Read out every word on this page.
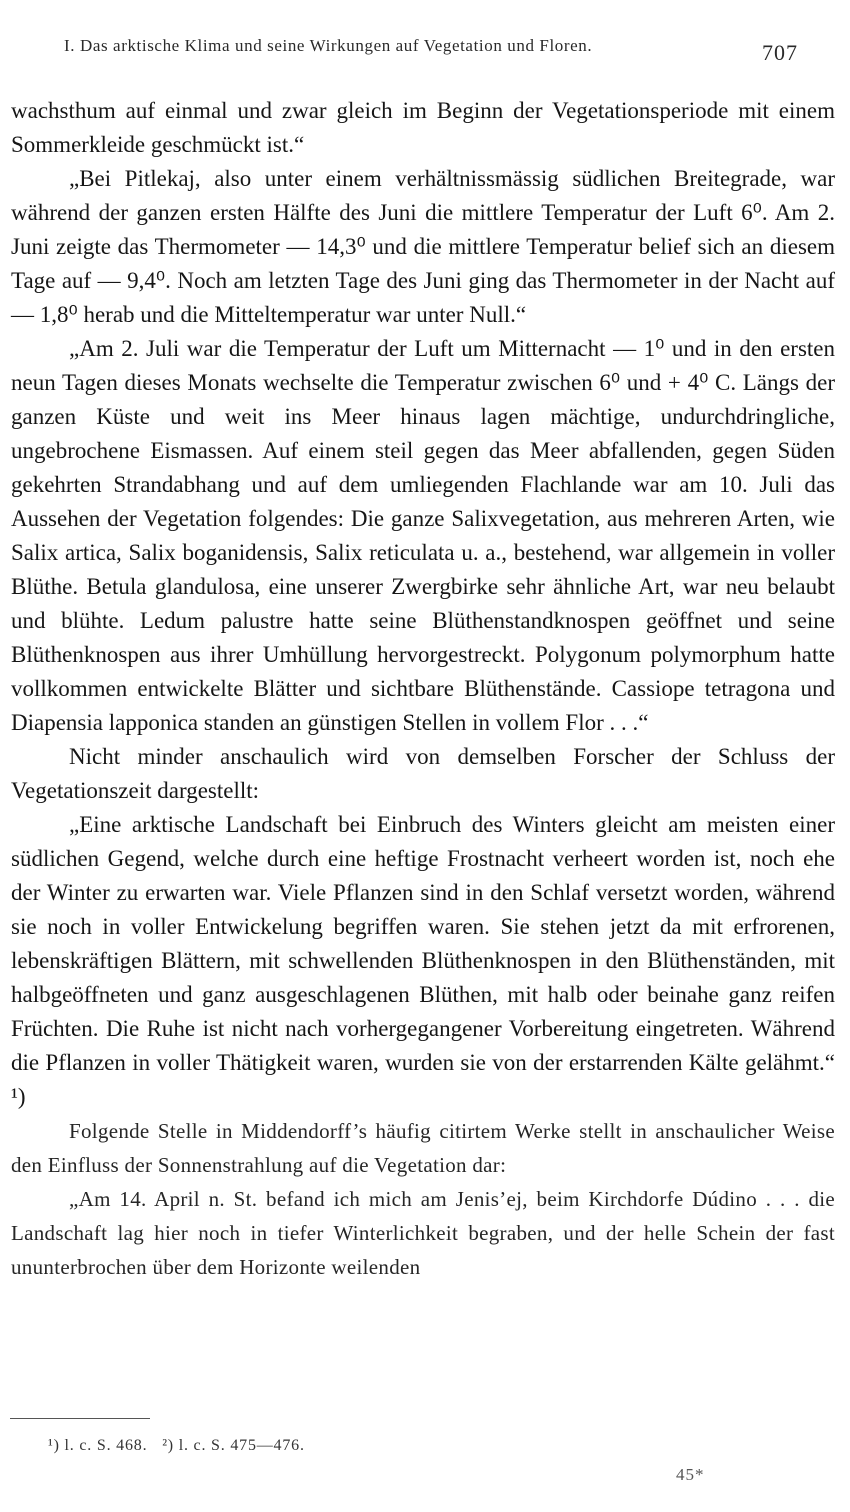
I. Das arktische Klima und seine Wirkungen auf Vegetation und Floren.	707

wachsthum auf einmal und zwar gleich im Beginn der Vegetationsperiode mit einem Sommerkleide geschmückt ist.“

„Bei Pitlekaj, also unter einem verhältnissmässig südlichen Breitegrade, war während der ganzen ersten Hälfte des Juni die mittlere Temperatur der Luft 6⁰. Am 2. Juni zeigte das Thermometer — 14,3⁰ und die mittlere Temperatur belief sich an diesem Tage auf — 9,4⁰. Noch am letzten Tage des Juni ging das Thermometer in der Nacht auf — 1,8⁰ herab und die Mitteltemperatur war unter Null.“

„Am 2. Juli war die Temperatur der Luft um Mitternacht — 1⁰ und in den ersten neun Tagen dieses Monats wechselte die Temperatur zwischen 6⁰ und + 4⁰ C. Längs der ganzen Küste und weit ins Meer hinaus lagen mächtige, undurchdringliche, ungebrochene Eismassen. Auf einem steil gegen das Meer abfallenden, gegen Süden gekehrten Strandabhang und auf dem umliegenden Flachlande war am 10. Juli das Aussehen der Vegetation folgendes: Die ganze Salixvegetation, aus mehreren Arten, wie Salix artica, Salix boganidensis, Salix reticulata u. a., bestehend, war allgemein in voller Blüthe. Betula glandulosa, eine unserer Zwergbirke sehr ähnliche Art, war neu belaubt und blühte. Ledum palustre hatte seine Blüthenstandknospen geöffnet und seine Blüthenknospen aus ihrer Umhüllung hervorgestreckt. Polygonum polymorphum hatte vollkommen entwickelte Blätter und sichtbare Blüthenstände. Cassiope tetragona und Diapensia lapponica standen an günstigen Stellen in vollem Flor . . .“

Nicht minder anschaulich wird von demselben Forscher der Schluss der Vegetationszeit dargestellt:

„Eine arktische Landschaft bei Einbruch des Winters gleicht am meisten einer südlichen Gegend, welche durch eine heftige Frostnacht verheert worden ist, noch ehe der Winter zu erwarten war. Viele Pflanzen sind in den Schlaf versetzt worden, während sie noch in voller Entwickelung begriffen waren. Sie stehen jetzt da mit erfrorenen, lebenskräftigen Blättern, mit schwellenden Blüthenknospen in den Blüthenständen, mit halbgeöffneten und ganz ausgeschlagenen Blüthen, mit halb oder beinahe ganz reifen Früchten. Die Ruhe ist nicht nach vorhergegangener Vorbereitung eingetreten. Während die Pflanzen in voller Thätigkeit waren, wurden sie von der erstarrenden Kälte gelähmt.“ ¹)

Folgende Stelle in Middendorff’s häufig citirtem Werke stellt in anschaulicher Weise den Einfluss der Sonnenstrahlung auf die Vegetation dar:

„Am 14. April n. St. befand ich mich am Jenis’ej, beim Kirchdorfe Dúdino . . . die Landschaft lag hier noch in tiefer Winterlichkeit begraben, und der helle Schein der fast ununterbrochen über dem Horizonte weilenden

¹) l. c. S. 468. ²) l. c. S. 475—476.
45*
